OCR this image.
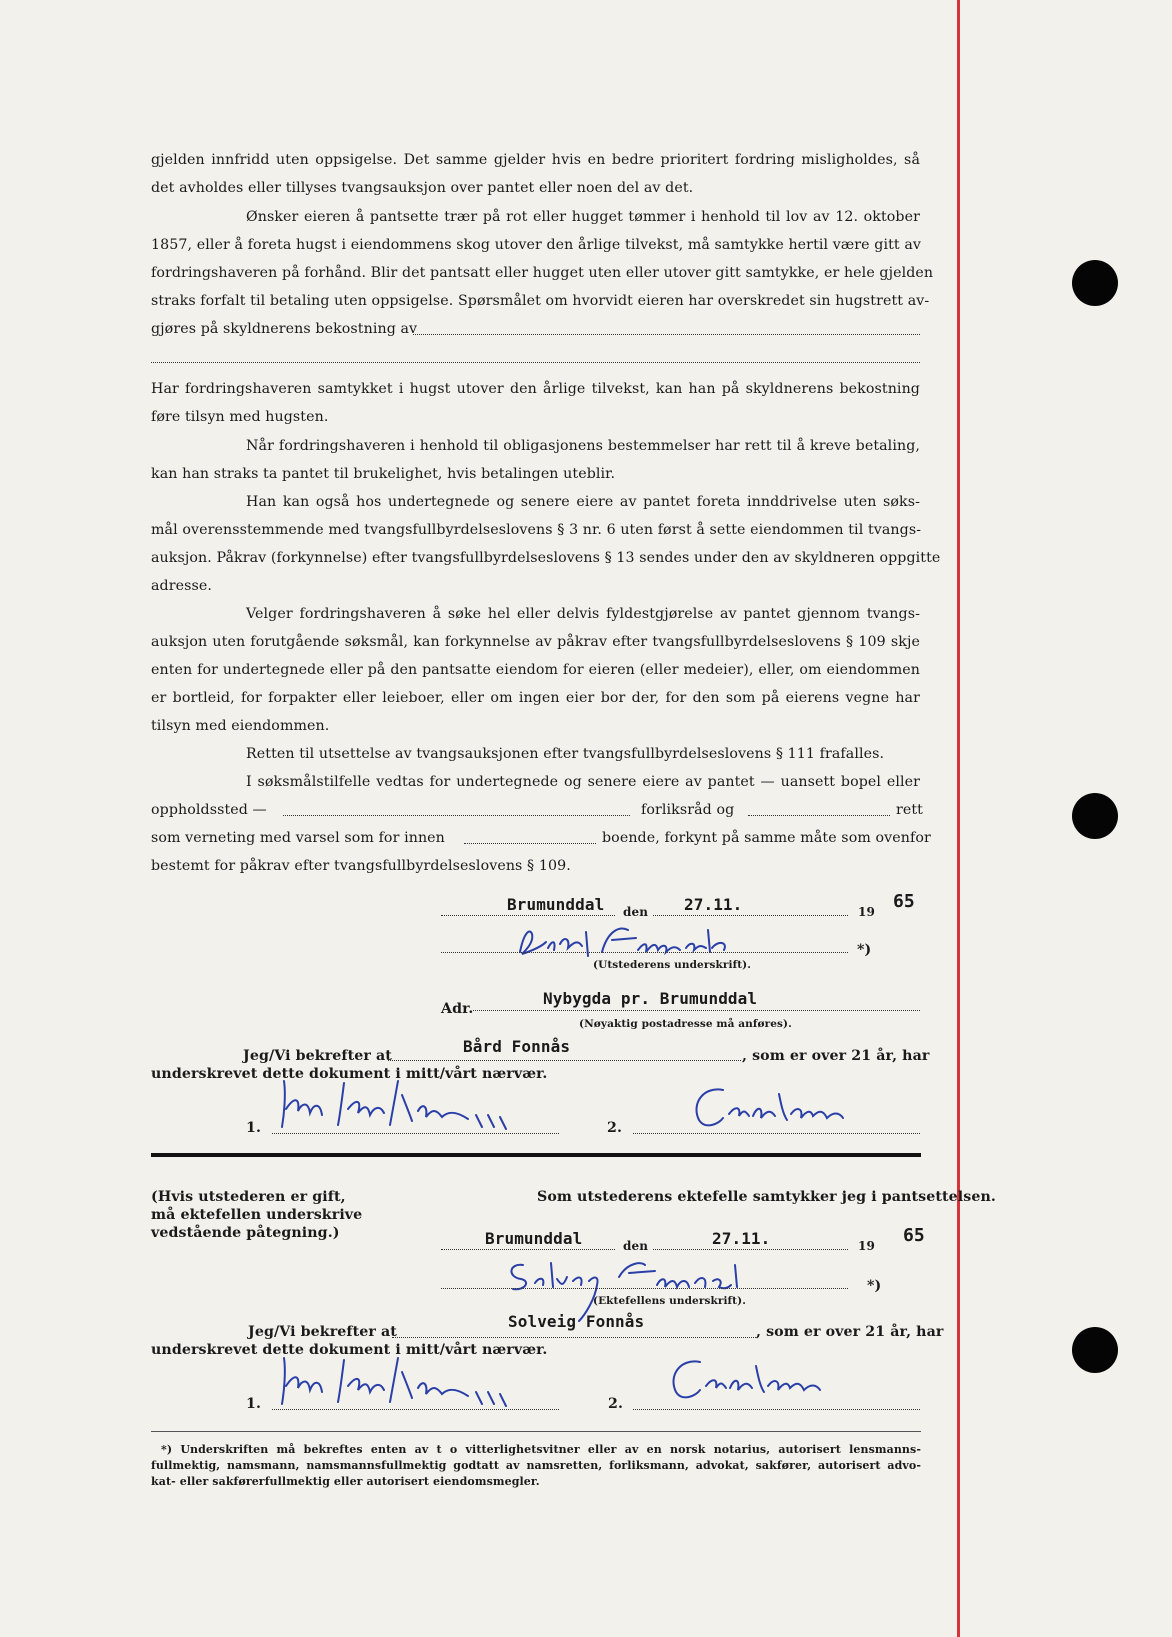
gjelden innfridd uten oppsigelse. Det samme gjelder hvis en bedre prioritert fordring misligholdes, så
det avholdes eller tillyses tvangsauksjon over pantet eller noen del av det.
Ønsker eieren å pantsette trær på rot eller hugget tømmer i henhold til lov av 12. oktober
1857, eller å foreta hugst i eiendommens skog utover den årlige tilvekst, må samtykke hertil være gitt av
fordringshaveren på forhånd. Blir det pantsatt eller hugget uten eller utover gitt samtykke, er hele gjelden
straks forfalt til betaling uten oppsigelse. Spørsmålet om hvorvidt eieren har overskredet sin hugstrett av-
gjøres på skyldnerens bekostning av
Har fordringshaveren samtykket i hugst utover den årlige tilvekst, kan han på skyldnerens bekostning
føre tilsyn med hugsten.
Når fordringshaveren i henhold til obligasjonens bestemmelser har rett til å kreve betaling,
kan han straks ta pantet til brukelighet, hvis betalingen uteblir.
Han kan også hos undertegnede og senere eiere av pantet foreta innddrivelse uten søks-
mål overensstemmende med tvangsfullbyrdelseslovens § 3 nr. 6 uten først å sette eiendommen til tvangs-
auksjon. Påkrav (forkynnelse) efter tvangsfullbyrdelseslovens § 13 sendes under den av skyldneren oppgitte
adresse.
Velger fordringshaveren å søke hel eller delvis fyldestgjørelse av pantet gjennom tvangs-
auksjon uten forutgående søksmål, kan forkynnelse av påkrav efter tvangsfullbyrdelseslovens § 109 skje
enten for undertegnede eller på den pantsatte eiendom for eieren (eller medeier), eller, om eiendommen
er bortleid, for forpakter eller leieboer, eller om ingen eier bor der, for den som på eierens vegne har
tilsyn med eiendommen.
Retten til utsettelse av tvangsauksjonen efter tvangsfullbyrdelseslovens § 111 frafalles.
I søksmålstilfelle vedtas for undertegnede og senere eiere av pantet — uansett bopel eller
oppholdssted —	forliksråd og	rett
som verneting med varsel som for innen	boende, forkynt på samme måte som ovenfor
bestemt for påkrav efter tvangsfullbyrdelseslovens § 109.
Brumunddal den 27.11.	19 65
*)
(Utstederens underskrift).
Adr.
Nybygda pr. Brumunddal
(Nøyaktig postadresse må anføres).
Jeg/Vi bekrefter at	Bård Fonnås	, som er over 21 år, har
underskrevet dette dokument i mitt/vårt nærvær.
1.	2.
(Hvis utstederen er gift,
må ektefellen underskrive
vedstående påtegning.)
Som utstederens ektefelle samtykker jeg i pantsettelsen.
Brumunddal	den	27.11.	19 65
*)
(Ektefellens underskrift).
Jeg/Vi bekrefter at
Solveig Fonnås
, som er over 21 år, har
underskrevet dette dokument i mitt/vårt nærvær.
1.	2.
*) Underskriften må bekreftes enten av t o vitterlighetsvitner eller av en norsk notarius, autorisert lensmanns-
fullmektig, namsmann, namsmannsfullmektig godtatt av namsretten, forliksmann, advokat, sakfører, autorisert advo-
kat- eller sakførerfullmektig eller autorisert eiendomsmegler.
